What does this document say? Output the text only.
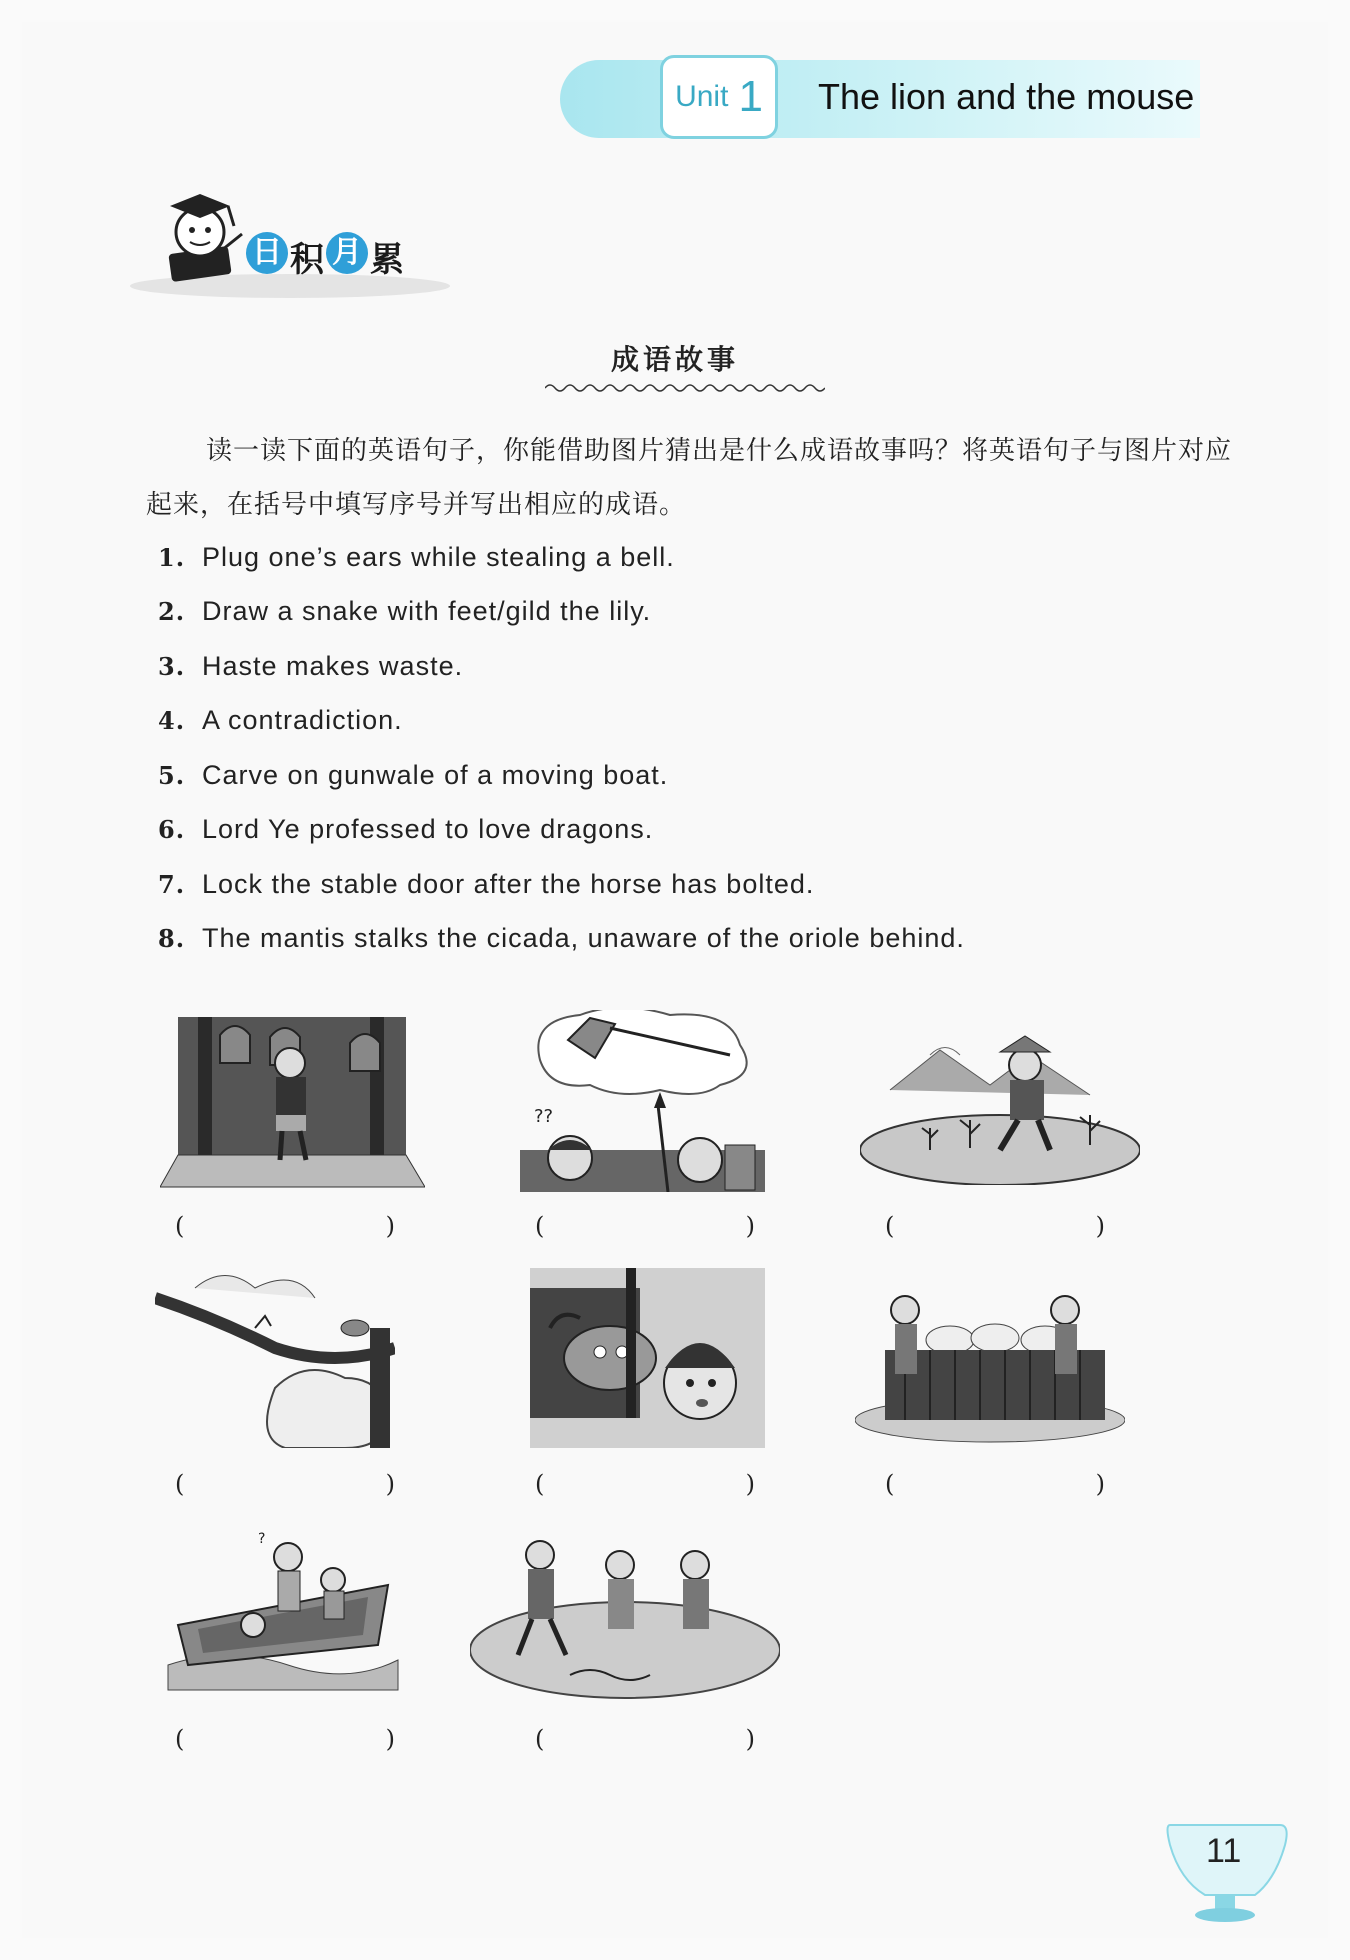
Unit 1 The lion and the mouse
日 积 月 累
成语故事
读一读下面的英语句子，你能借助图片猜出是什么成语故事吗？将英语句子与图片对应起来，在括号中填写序号并写出相应的成语。
1. Plug one’s ears while stealing a bell.
2. Draw a snake with feet/gild the lily.
3. Haste makes waste.
4. A contradiction.
5. Carve on gunwale of a moving boat.
6. Lord Ye professed to love dragons.
7. Lock the stable door after the horse has bolted.
8. The mantis stalks the cicada, unaware of the oriole behind.
(	)
??
(	)	(	)
(	)	(	)	(	)
?
(	)	(	)
11
